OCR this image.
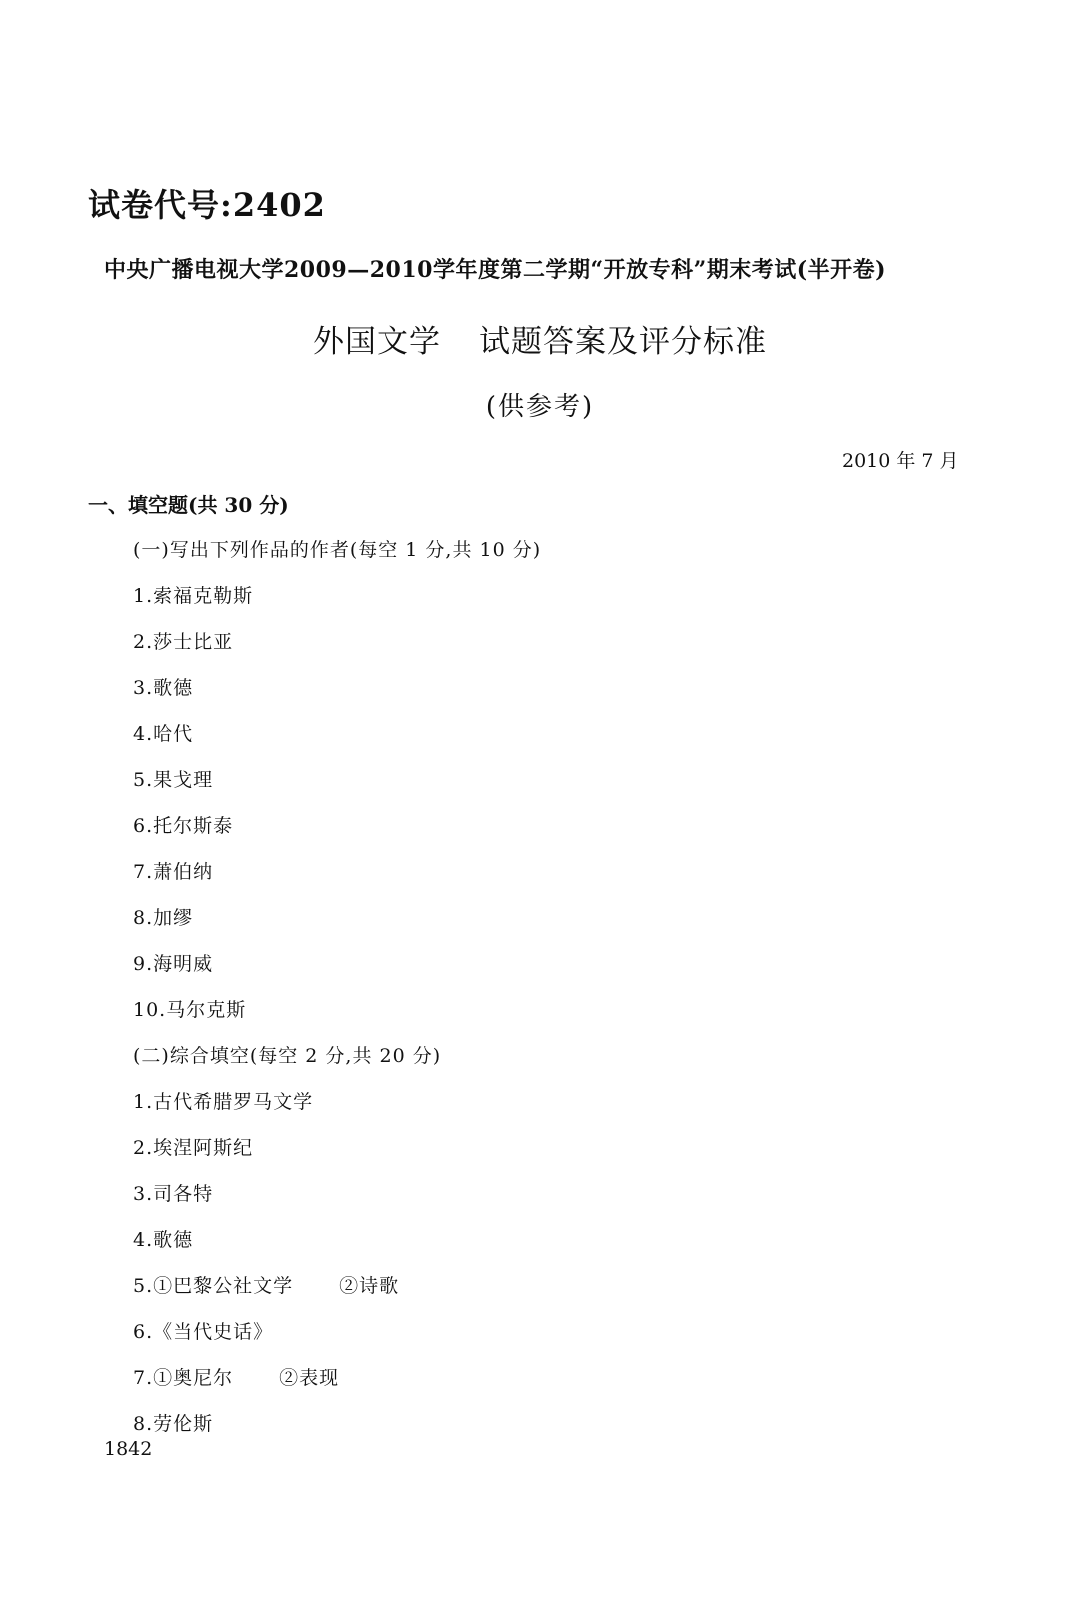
试卷代号:2402
中央广播电视大学2009—2010学年度第二学期“开放专科”期末考试(半开卷)
外国文学 试题答案及评分标准
(供参考)
2010 年 7 月
一、填空题(共 30 分)
(一)写出下列作品的作者(每空 1 分,共 10 分)
1.索福克勒斯
2.莎士比亚
3.歌德
4.哈代
5.果戈理
6.托尔斯泰
7.萧伯纳
8.加缪
9.海明威
10.马尔克斯
(二)综合填空(每空 2 分,共 20 分)
1.古代希腊罗马文学
2.埃涅阿斯纪
3.司各特
4.歌德
5.①巴黎公社文学 ②诗歌
6.《当代史话》
7.①奥尼尔 ②表现
8.劳伦斯
1842
